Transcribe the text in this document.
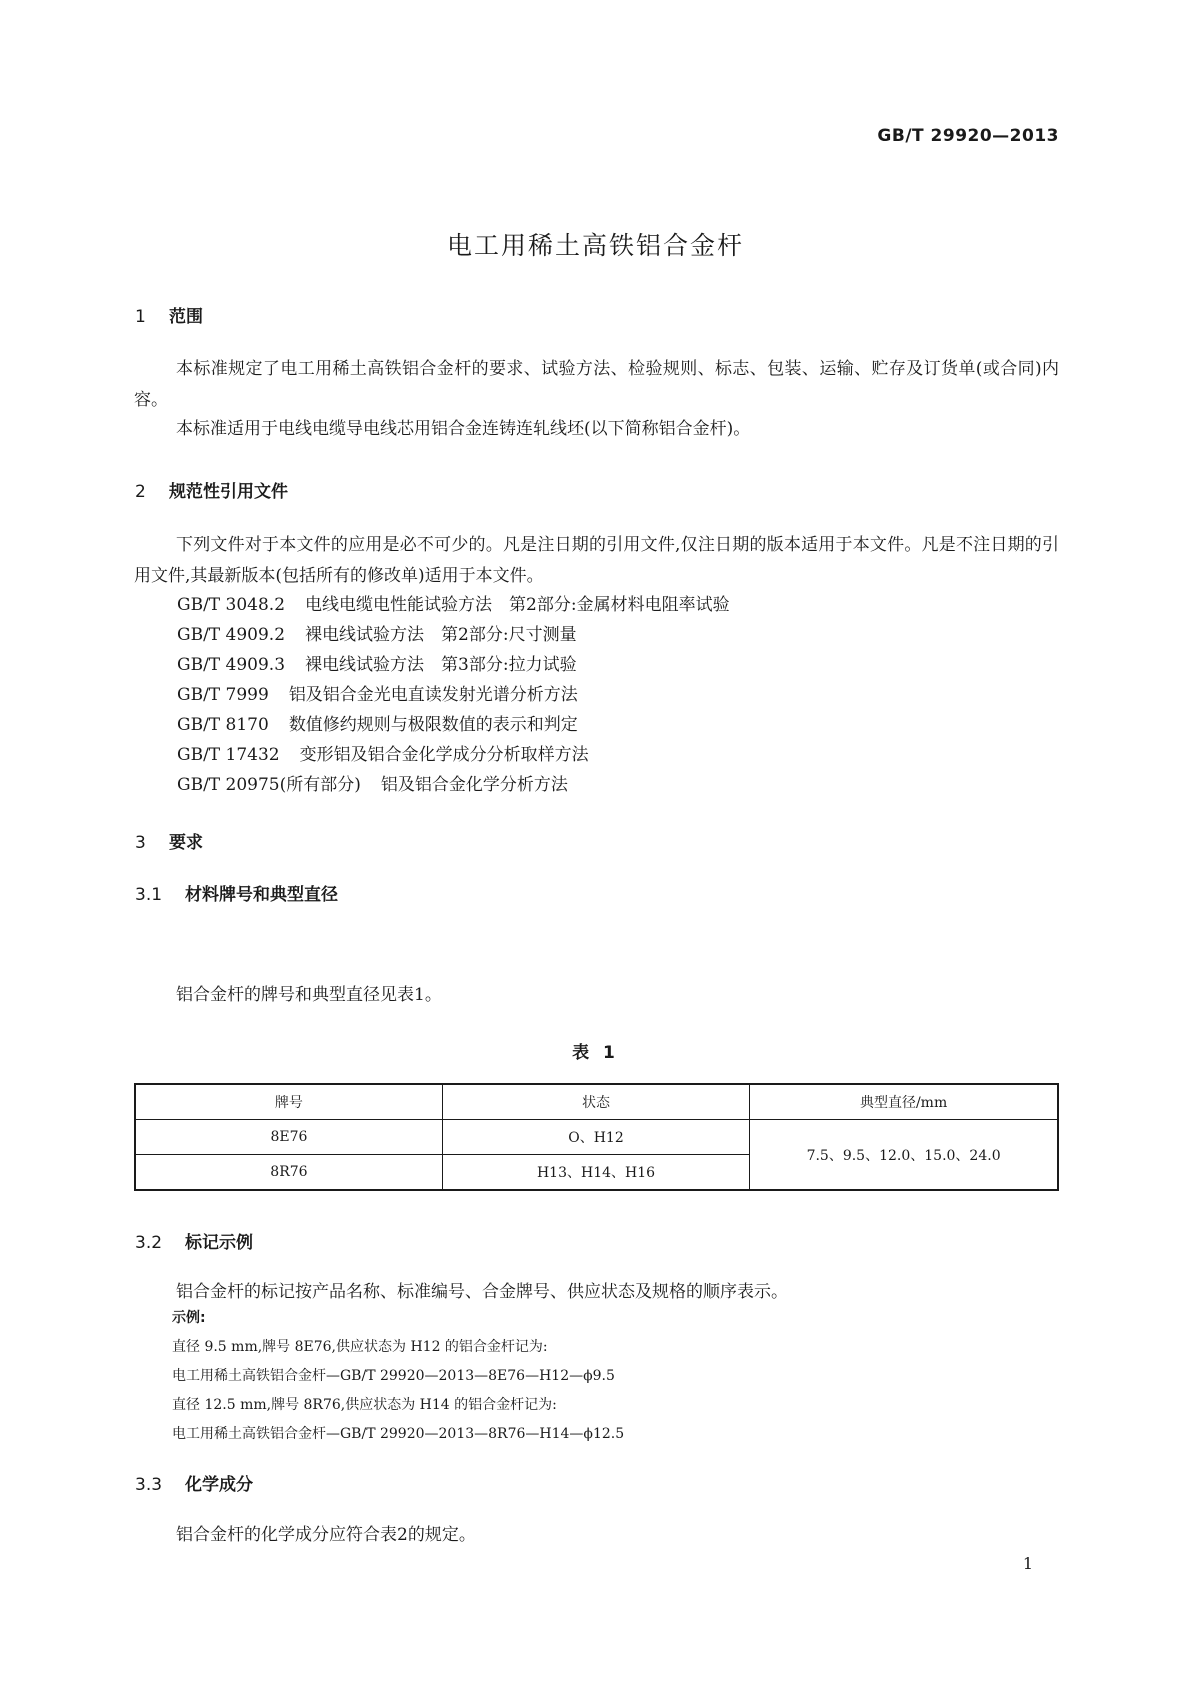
GB/T 29920—2013
电工用稀土高铁铝合金杆
1 范围
本标准规定了电工用稀土高铁铝合金杆的要求、试验方法、检验规则、标志、包装、运输、贮存及订货单(或合同)内容。
本标准适用于电线电缆导电线芯用铝合金连铸连轧线坯(以下简称铝合金杆)。
2 规范性引用文件
下列文件对于本文件的应用是必不可少的。凡是注日期的引用文件,仅注日期的版本适用于本文件。凡是不注日期的引用文件,其最新版本(包括所有的修改单)适用于本文件。
GB/T 3048.2 电线电缆电性能试验方法　第2部分:金属材料电阻率试验
GB/T 4909.2 裸电线试验方法　第2部分:尺寸测量
GB/T 4909.3 裸电线试验方法　第3部分:拉力试验
GB/T 7999 铝及铝合金光电直读发射光谱分析方法
GB/T 8170 数值修约规则与极限数值的表示和判定
GB/T 17432 变形铝及铝合金化学成分分析取样方法
GB/T 20975(所有部分) 铝及铝合金化学分析方法
3 要求
3.1 材料牌号和典型直径
铝合金杆的牌号和典型直径见表1。
表 1
牌号	状态	典型直径/mm
8E76	O、H12	7.5、9.5、12.0、15.0、24.0
8R76	H13、H14、H16	
3.2 标记示例
铝合金杆的标记按产品名称、标准编号、合金牌号、供应状态及规格的顺序表示。
示例:
直径 9.5 mm,牌号 8E76,供应状态为 H12 的铝合金杆记为:
电工用稀土高铁铝合金杆—GB/T 29920—2013—8E76—H12—ϕ9.5
直径 12.5 mm,牌号 8R76,供应状态为 H14 的铝合金杆记为:
电工用稀土高铁铝合金杆—GB/T 29920—2013—8R76—H14—ϕ12.5
3.3 化学成分
铝合金杆的化学成分应符合表2的规定。
1
